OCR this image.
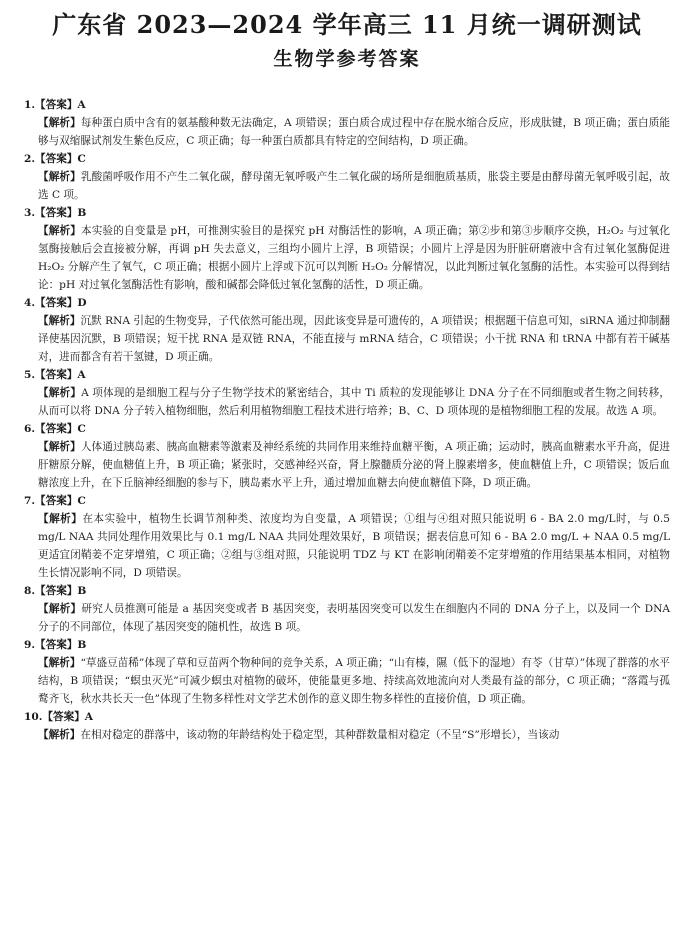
广东省 2023—2024 学年高三 11 月统一调研测试
生物学参考答案
1.【答案】A
【解析】每种蛋白质中含有的氨基酸种数无法确定，A 项错误；蛋白质合成过程中存在脱水缩合反应，形成肽键，B 项正确；蛋白质能够与双缩脲试剂发生紫色反应，C 项正确；每一种蛋白质都具有特定的空间结构，D 项正确。
2.【答案】C
【解析】乳酸菌呼吸作用不产生二氧化碳，酵母菌无氧呼吸产生二氧化碳的场所是细胞质基质，胀袋主要是由酵母菌无氧呼吸引起，故选 C 项。
3.【答案】B
【解析】本实验的自变量是 pH，可推测实验目的是探究 pH 对酶活性的影响，A 项正确；第②步和第③步顺序交换，H₂O₂ 与过氧化氢酶接触后会直接被分解，再调 pH 失去意义，三组均小圆片上浮，B 项错误；小圆片上浮是因为肝脏研磨液中含有过氧化氢酶促进 H₂O₂ 分解产生了氧气，C 项正确；根据小圆片上浮或下沉可以判断 H₂O₂ 分解情况，以此判断过氧化氢酶的活性。本实验可以得到结论：pH 对过氧化氢酶活性有影响，酸和碱都会降低过氧化氢酶的活性，D 项正确。
4.【答案】D
【解析】沉默 RNA 引起的生物变异，子代依然可能出现，因此该变异是可遗传的，A 项错误；根据题干信息可知，siRNA 通过抑制翻译使基因沉默，B 项错误；短干扰 RNA 是双链 RNA，不能直接与 mRNA 结合，C 项错误；小干扰 RNA 和 tRNA 中都有若干碱基对，进而都含有若干氢键，D 项正确。
5.【答案】A
【解析】A 项体现的是细胞工程与分子生物学技术的紧密结合，其中 Ti 质粒的发现能够让 DNA 分子在不同细胞或者生物之间转移，从而可以将 DNA 分子转入植物细胞，然后利用植物细胞工程技术进行培养；B、C、D 项体现的是植物细胞工程的发展。故选 A 项。
6.【答案】C
【解析】人体通过胰岛素、胰高血糖素等激素及神经系统的共同作用来维持血糖平衡，A 项正确；运动时，胰高血糖素水平升高，促进肝糖原分解，使血糖值上升，B 项正确；紧张时，交感神经兴奋，肾上腺髓质分泌的肾上腺素增多，使血糖值上升，C 项错误；饭后血糖浓度上升，在下丘脑神经细胞的参与下，胰岛素水平上升，通过增加血糖去向使血糖值下降，D 项正确。
7.【答案】C
【解析】在本实验中，植物生长调节剂种类、浓度均为自变量，A 项错误；①组与④组对照只能说明 6 - BA 2.0 mg/L时，与 0.5 mg/L NAA 共同处理作用效果比与 0.1 mg/L NAA 共同处理效果好，B 项错误；据表信息可知 6 - BA 2.0 mg/L + NAA 0.5 mg/L 更适宜闭鞘姜不定芽增殖，C 项正确；②组与③组对照，只能说明 TDZ 与 KT 在影响闭鞘姜不定芽增殖的作用结果基本相同，对植物生长情况影响不同，D 项错误。
8.【答案】B
【解析】研究人员推测可能是 a 基因突变或者 B 基因突变，表明基因突变可以发生在细胞内不同的 DNA 分子上，以及同一个 DNA 分子的不同部位，体现了基因突变的随机性，故选 B 项。
9.【答案】B
【解析】“草盛豆苗稀”体现了草和豆苗两个物种间的竞争关系，A 项正确；“山有榛，隰（低下的湿地）有苓（甘草）”体现了群落的水平结构，B 项错误；“螟虫灭光”可减少螟虫对植物的破坏，使能量更多地、持续高效地流向对人类最有益的部分，C 项正确；“落霞与孤鹜齐飞，秋水共长天一色”体现了生物多样性对文学艺术创作的意义即生物多样性的直接价值，D 项正确。
10.【答案】A
【解析】在相对稳定的群落中，该动物的年龄结构处于稳定型，其种群数量相对稳定（不呈“S”形增长），当该动
